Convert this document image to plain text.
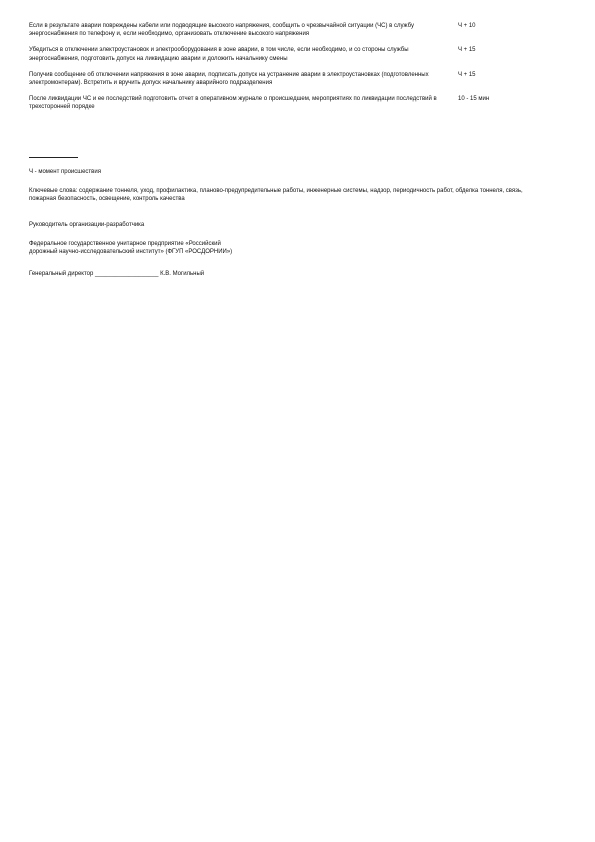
Если в результате аварии повреждены кабели или подводящие высокого напряжения, сообщить о чрезвычайной ситуации (ЧС) в службу энергоснабжения по телефону и, если необходимо, организовать отключение высокого напряжения
Ч + 10
Убедиться в отключении электроустановок и электрооборудования в зоне аварии, в том числе, если необходимо, и со стороны службы энергоснабжения, подготовить допуск на ликвидацию аварии и доложить начальнику смены
Ч + 15
Получив сообщение об отключении напряжения в зоне аварии, подписать допуск на устранение аварии в электроустановках (подготовленных электромонтерам). Встретить и вручить допуск начальнику аварийного подразделения
Ч + 15
После ликвидации ЧС и ее последствий подготовить отчет в оперативном журнале о происшедшем, мероприятиях по ликвидации последствий в трехсторонней порядке
10 - 15 мин
Ч - момент происшествия
Ключевые слова: содержание тоннеля, уход, профилактика, планово-предупредительные работы, инженерные системы, надзор, периодичность работ, обделка тоннеля, связь, пожарная безопасность, освещение, контроль качества
Руководитель организации-разработчика
Федеральное государственное унитарное предприятие «Российский
дорожный научно-исследовательский институт» (ФГУП «РОСДОРНИИ»)
Генеральный директор ___________________ К.В. Могильный
